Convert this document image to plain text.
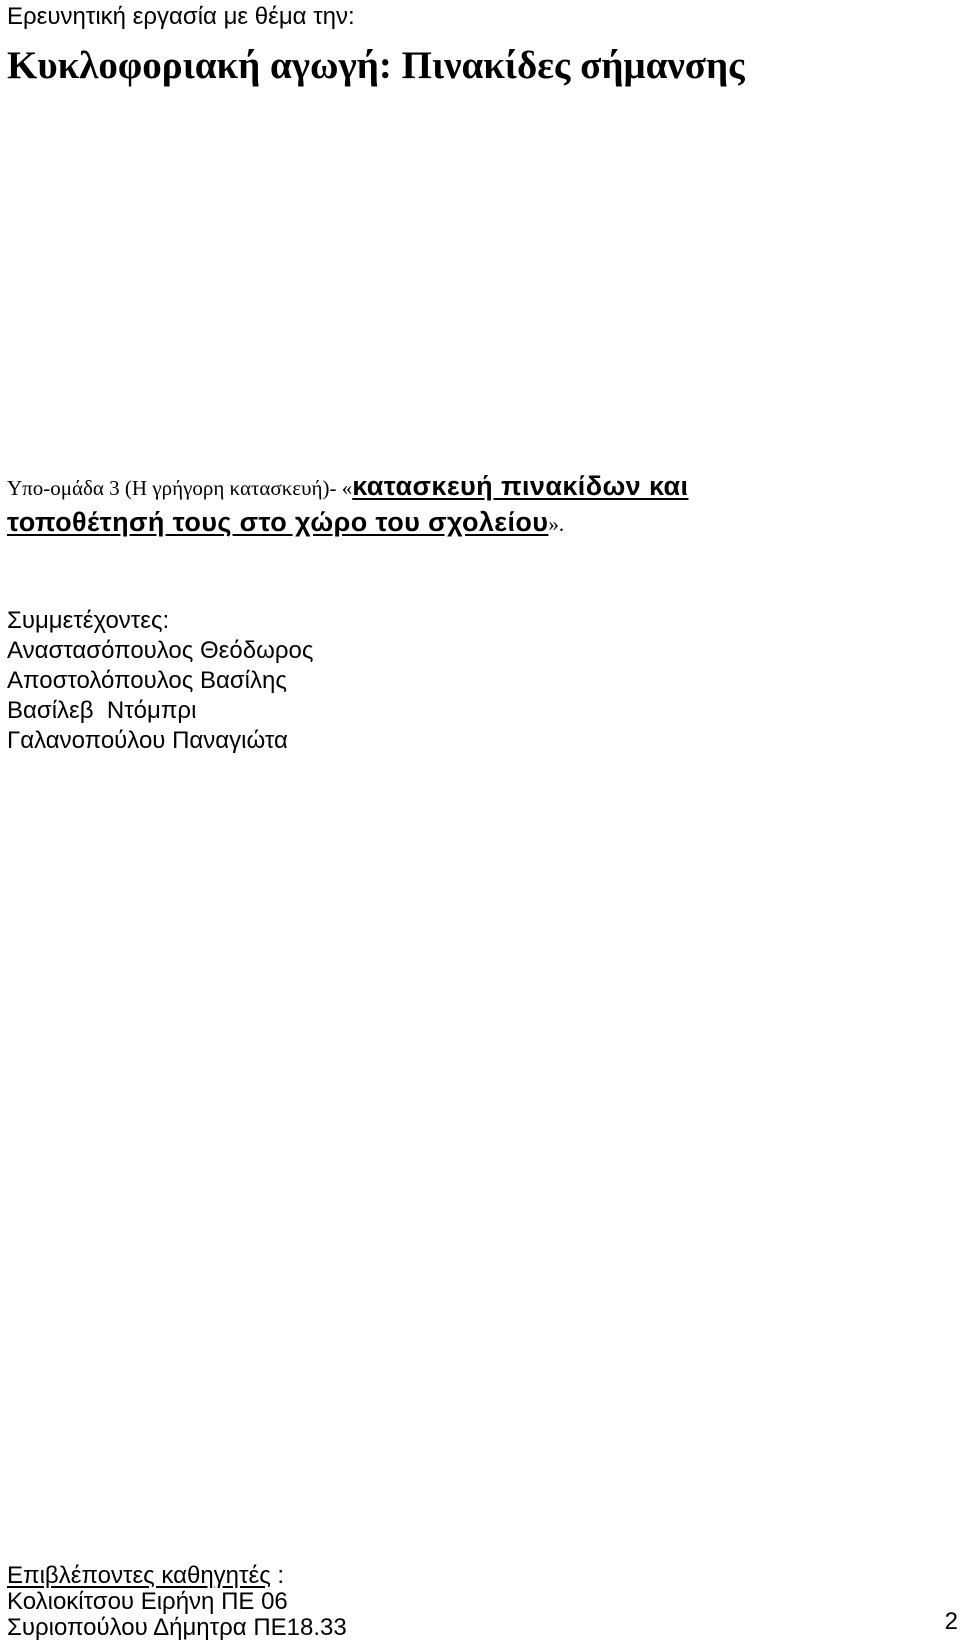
Ερευνητική εργασία με θέμα την:
Κυκλοφοριακή αγωγή: Πινακίδες σήμανσης
Υπο-ομάδα 3 (Η γρήγορη κατασκευή)- «κατασκευή πινακίδων και
τοποθέτησή τους στο χώρο του σχολείου».
Συμμετέχοντες:
Αναστασόπουλος Θεόδωρος
Αποστολόπουλος Βασίλης
Βασίλεβ  Ντόμπρι
Γαλανοπούλου Παναγιώτα
Επιβλέποντες καθηγητές :
Κολιοκίτσου Ειρήνη ΠΕ 06
Συριοπούλου Δήμητρα ΠΕ18.33	2
